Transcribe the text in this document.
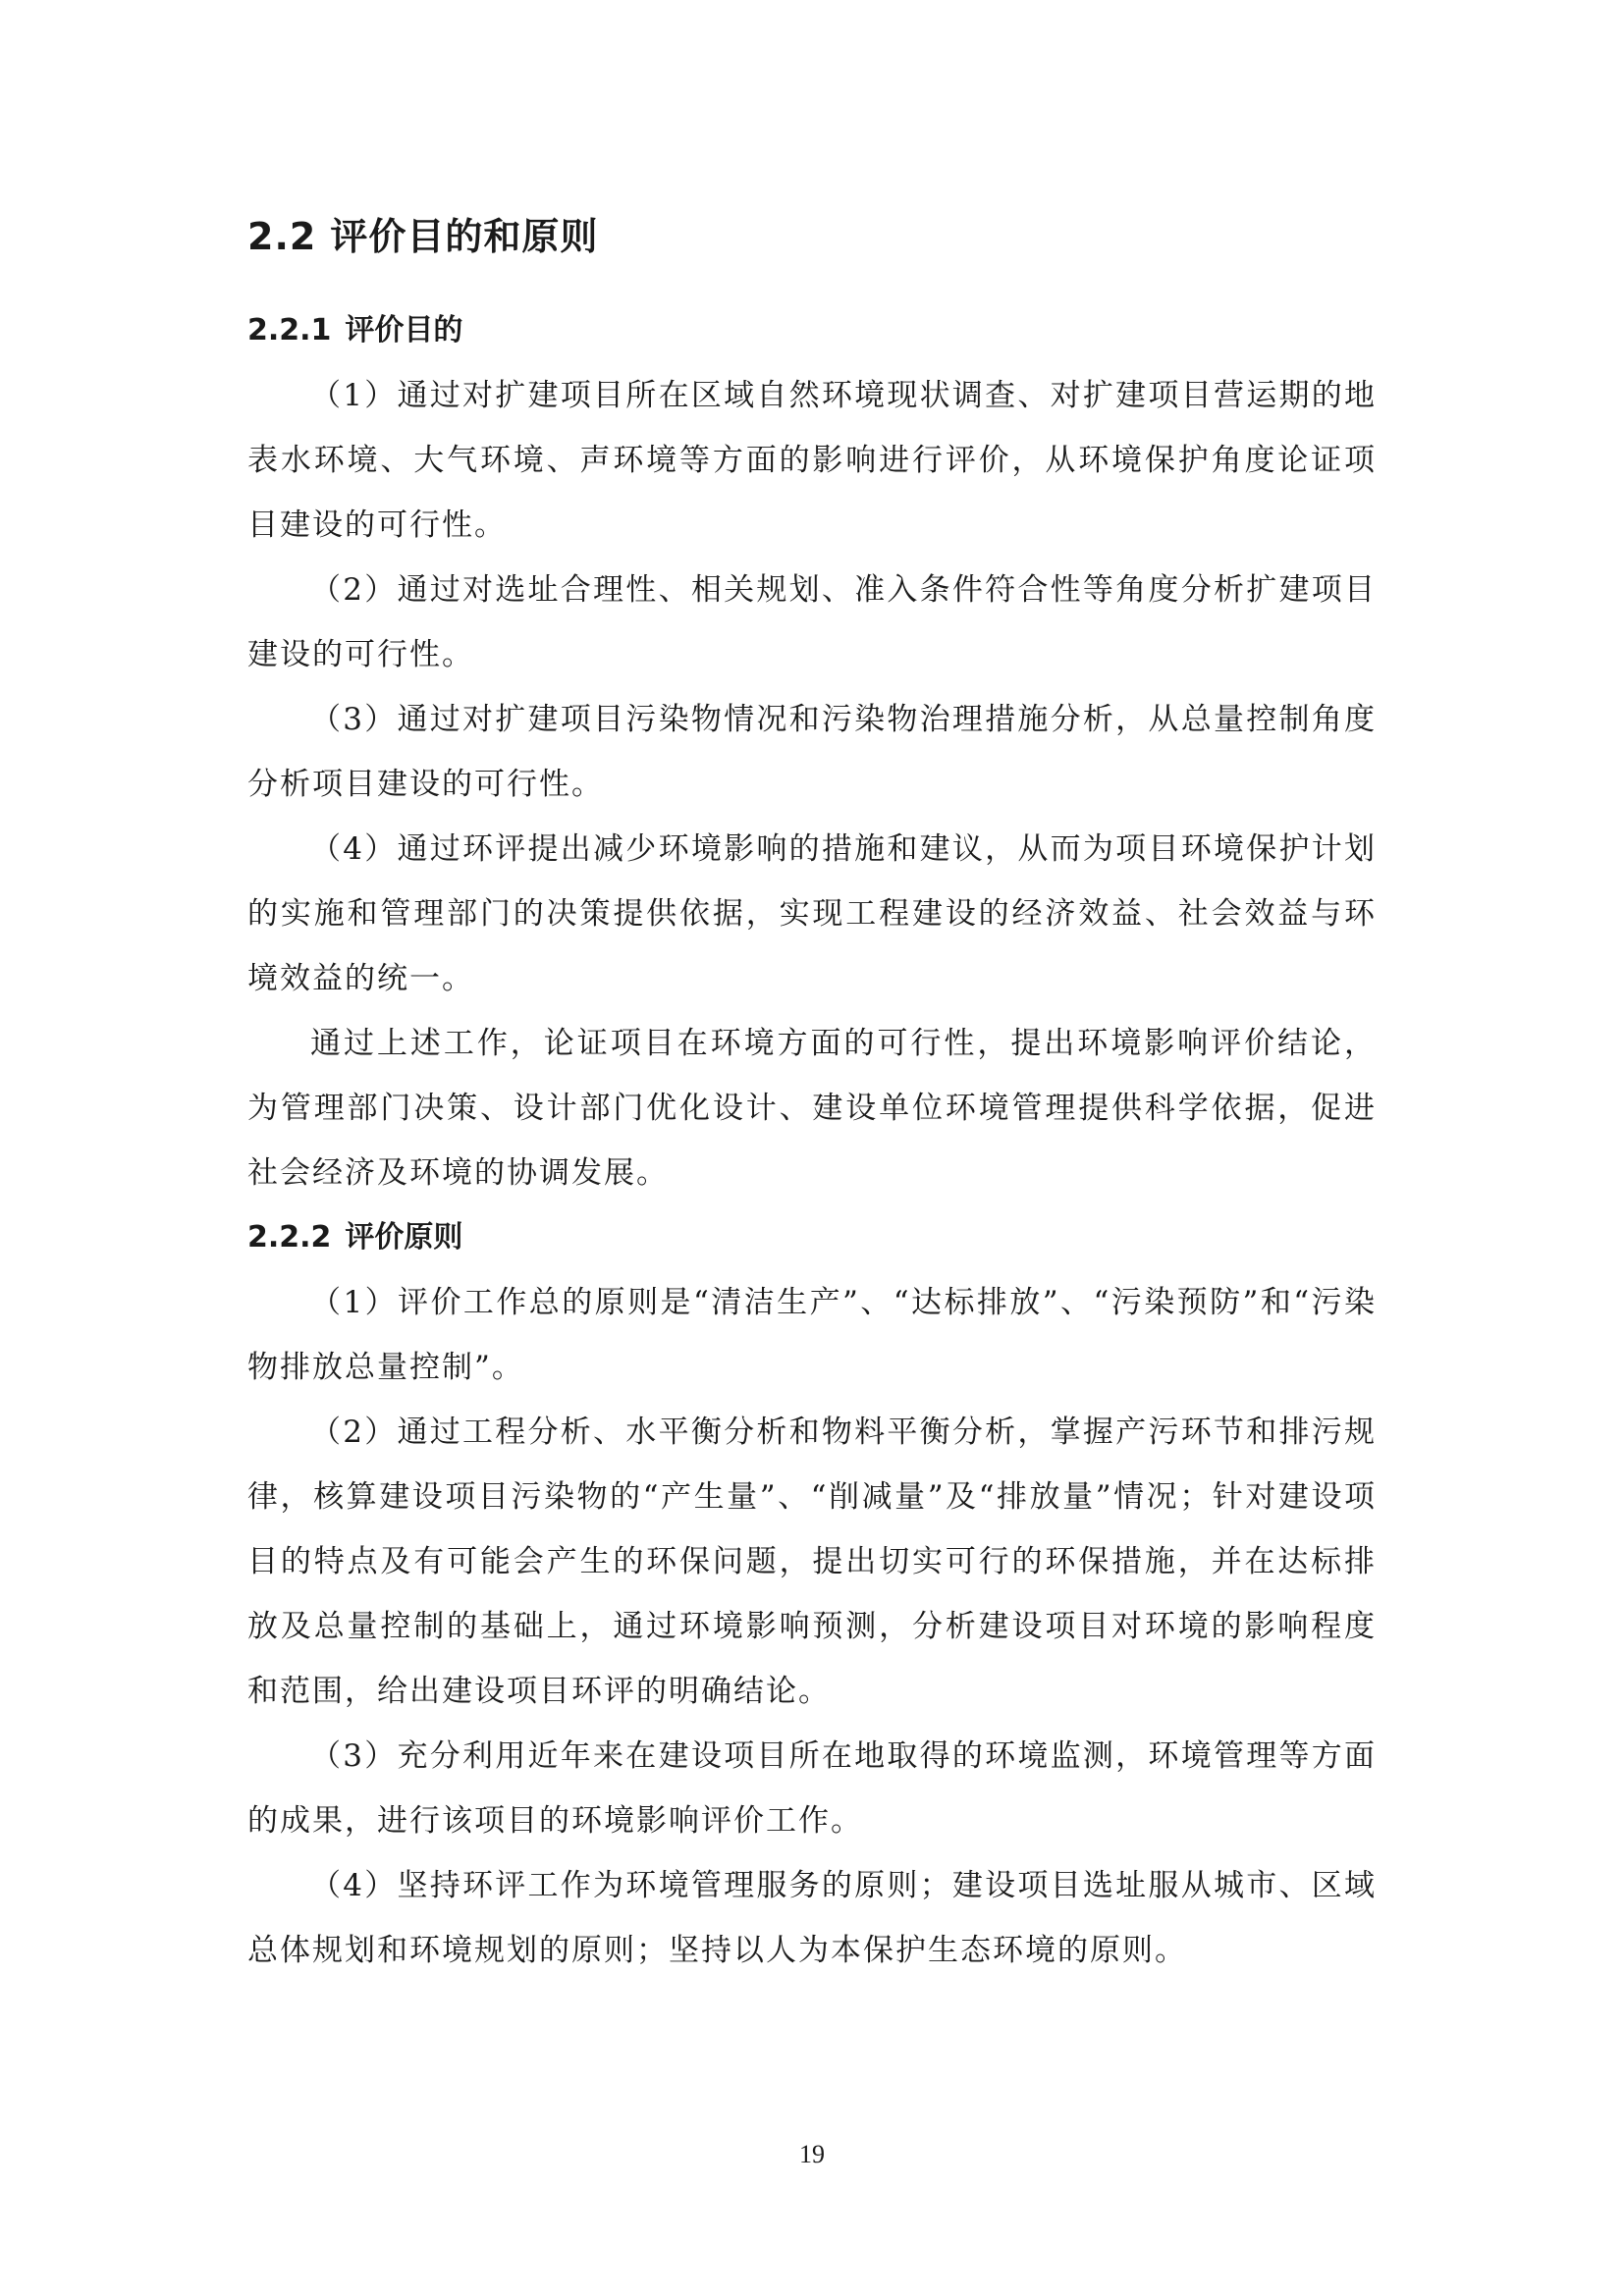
2.2 评价目的和原则
2.2.1 评价目的

（1）通过对扩建项目所在区域自然环境现状调查、对扩建项目营运期的地表水环境、大气环境、声环境等方面的影响进行评价，从环境保护角度论证项目建设的可行性。

（2）通过对选址合理性、相关规划、准入条件符合性等角度分析扩建项目建设的可行性。

（3）通过对扩建项目污染物情况和污染物治理措施分析，从总量控制角度分析项目建设的可行性。

（4）通过环评提出减少环境影响的措施和建议，从而为项目环境保护计划的实施和管理部门的决策提供依据，实现工程建设的经济效益、社会效益与环境效益的统一。

通过上述工作，论证项目在环境方面的可行性，提出环境影响评价结论，为管理部门决策、设计部门优化设计、建设单位环境管理提供科学依据，促进社会经济及环境的协调发展。

2.2.2 评价原则

（1）评价工作总的原则是“清洁生产”、“达标排放”、“污染预防”和“污染物排放总量控制”。

（2）通过工程分析、水平衡分析和物料平衡分析，掌握产污环节和排污规律，核算建设项目污染物的“产生量”、“削减量”及“排放量”情况；针对建设项目的特点及有可能会产生的环保问题，提出切实可行的环保措施，并在达标排放及总量控制的基础上，通过环境影响预测，分析建设项目对环境的影响程度和范围，给出建设项目环评的明确结论。

（3）充分利用近年来在建设项目所在地取得的环境监测，环境管理等方面的成果，进行该项目的环境影响评价工作。

（4）坚持环评工作为环境管理服务的原则；建设项目选址服从城市、区域总体规划和环境规划的原则；坚持以人为本保护生态环境的原则。

19
